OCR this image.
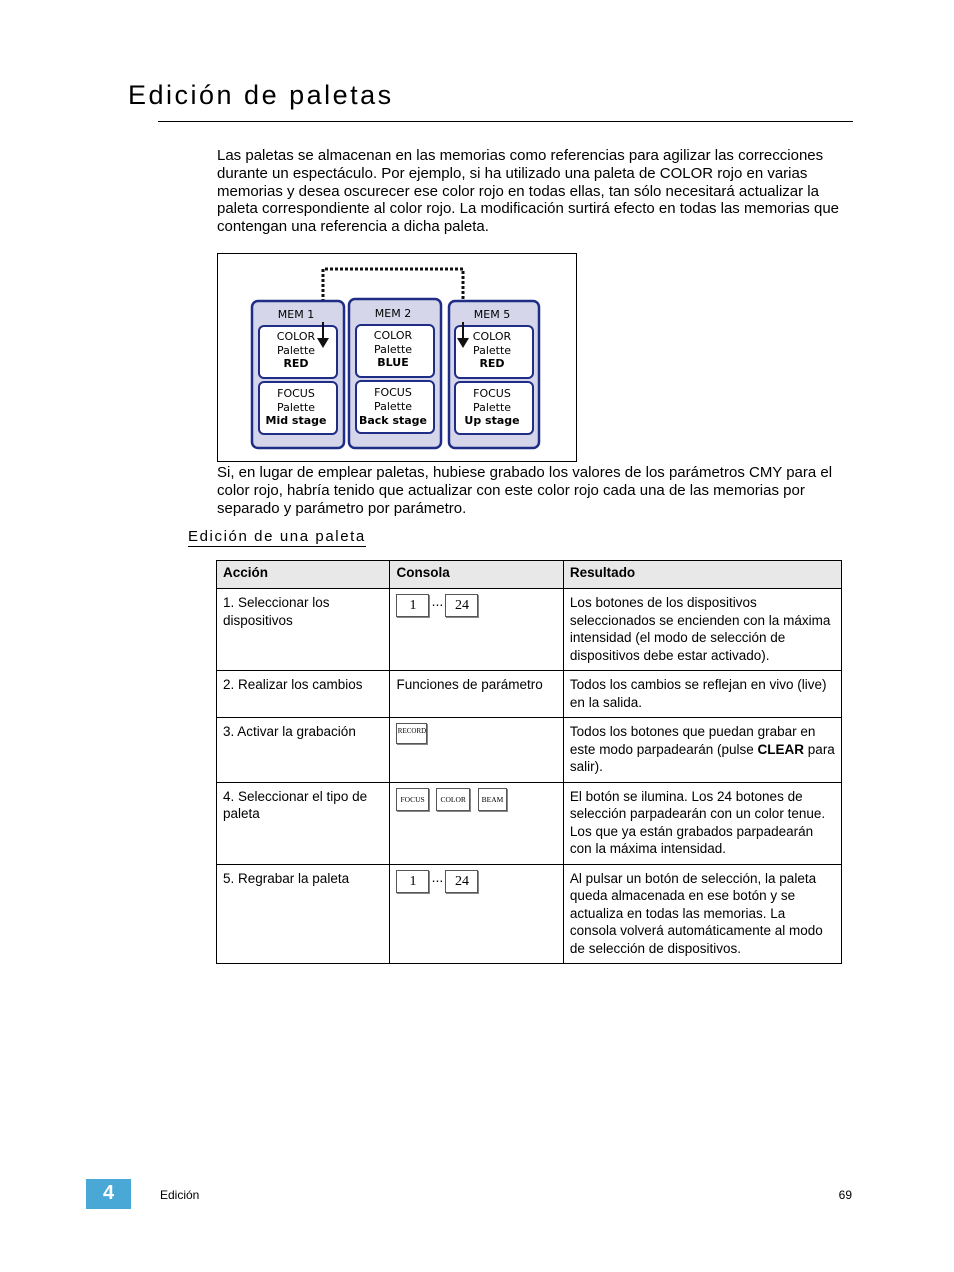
Edición de paletas
Las paletas se almacenan en las memorias como referencias para agilizar las correcciones durante un espectáculo. Por ejemplo, si ha utilizado una paleta de COLOR rojo en varias memorias y desea oscurecer ese color rojo en todas ellas, tan sólo necesitará actualizar la paleta correspondiente al color rojo. La modificación surtirá efecto en todas las memorias que contengan una referencia a dicha paleta.
MEM 1
COLOR
Palette
RED
FOCUS
Palette
Mid stage
MEM 2
COLOR
Palette
BLUE
FOCUS
Palette
Back stage
MEM 5
COLOR
Palette
RED
FOCUS
Palette
Up stage
Si, en lugar de emplear paletas, hubiese grabado los valores de los parámetros CMY para el color rojo, habría tenido que actualizar con este color rojo cada una de las memorias por separado y parámetro por parámetro.
Edición de una paleta
Acción	Consola	Resultado
1. Seleccionar los dispositivos	1 ... 24	Los botones de los dispositivos seleccionados se encienden con la máxima intensidad (el modo de selección de dispositivos debe estar activado).
2. Realizar los cambios	Funciones de parámetro	Todos los cambios se reflejan en vivo (live) en la salida.
3. Activar la grabación	RECORD	Todos los botones que puedan grabar en este modo parpadearán (pulse CLEAR para salir).
4. Seleccionar el tipo de paleta	FOCUS COLOR BEAM	El botón se ilumina. Los 24 botones de selección parpadearán con un color tenue. Los que ya están grabados parpadearán con la máxima intensidad.
5. Regrabar la paleta	1 ... 24	Al pulsar un botón de selección, la paleta queda almacenada en ese botón y se actualiza en todas las memorias. La consola volverá automáticamente al modo de selección de dispositivos.
4	Edición	69
